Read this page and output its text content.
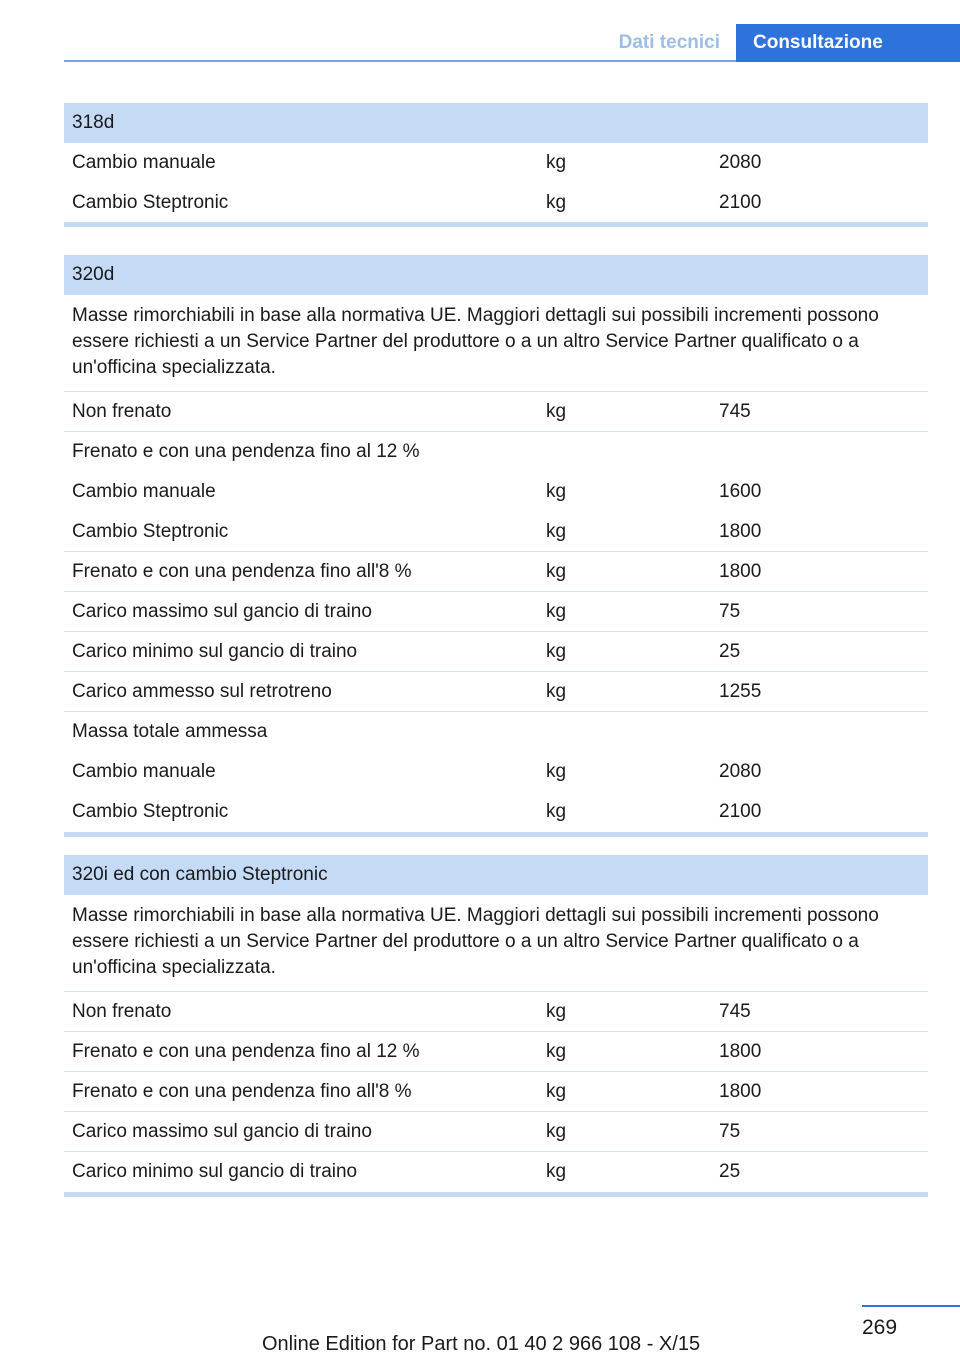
Dati tecnici	Consultazione
318d
Cambio manuale	kg	2080
Cambio Steptronic	kg	2100
320d
Masse rimorchiabili in base alla normativa UE. Maggiori dettagli sui possibili incrementi possono essere richiesti a un Service Partner del produttore o a un altro Service Partner qualificato o a un'officina specializzata.
Non frenato	kg	745
Frenato e con una pendenza fino al 12 %
Cambio manuale	kg	1600
Cambio Steptronic	kg	1800
Frenato e con una pendenza fino all'8 %	kg	1800
Carico massimo sul gancio di traino	kg	75
Carico minimo sul gancio di traino	kg	25
Carico ammesso sul retrotreno	kg	1255
Massa totale ammessa
Cambio manuale	kg	2080
Cambio Steptronic	kg	2100
320i ed con cambio Steptronic
Masse rimorchiabili in base alla normativa UE. Maggiori dettagli sui possibili incrementi possono essere richiesti a un Service Partner del produttore o a un altro Service Partner qualificato o a un'officina specializzata.
Non frenato	kg	745
Frenato e con una pendenza fino al 12 %	kg	1800
Frenato e con una pendenza fino all'8 %	kg	1800
Carico massimo sul gancio di traino	kg	75
Carico minimo sul gancio di traino	kg	25
269
Online Edition for Part no. 01 40 2 966 108 - X/15
